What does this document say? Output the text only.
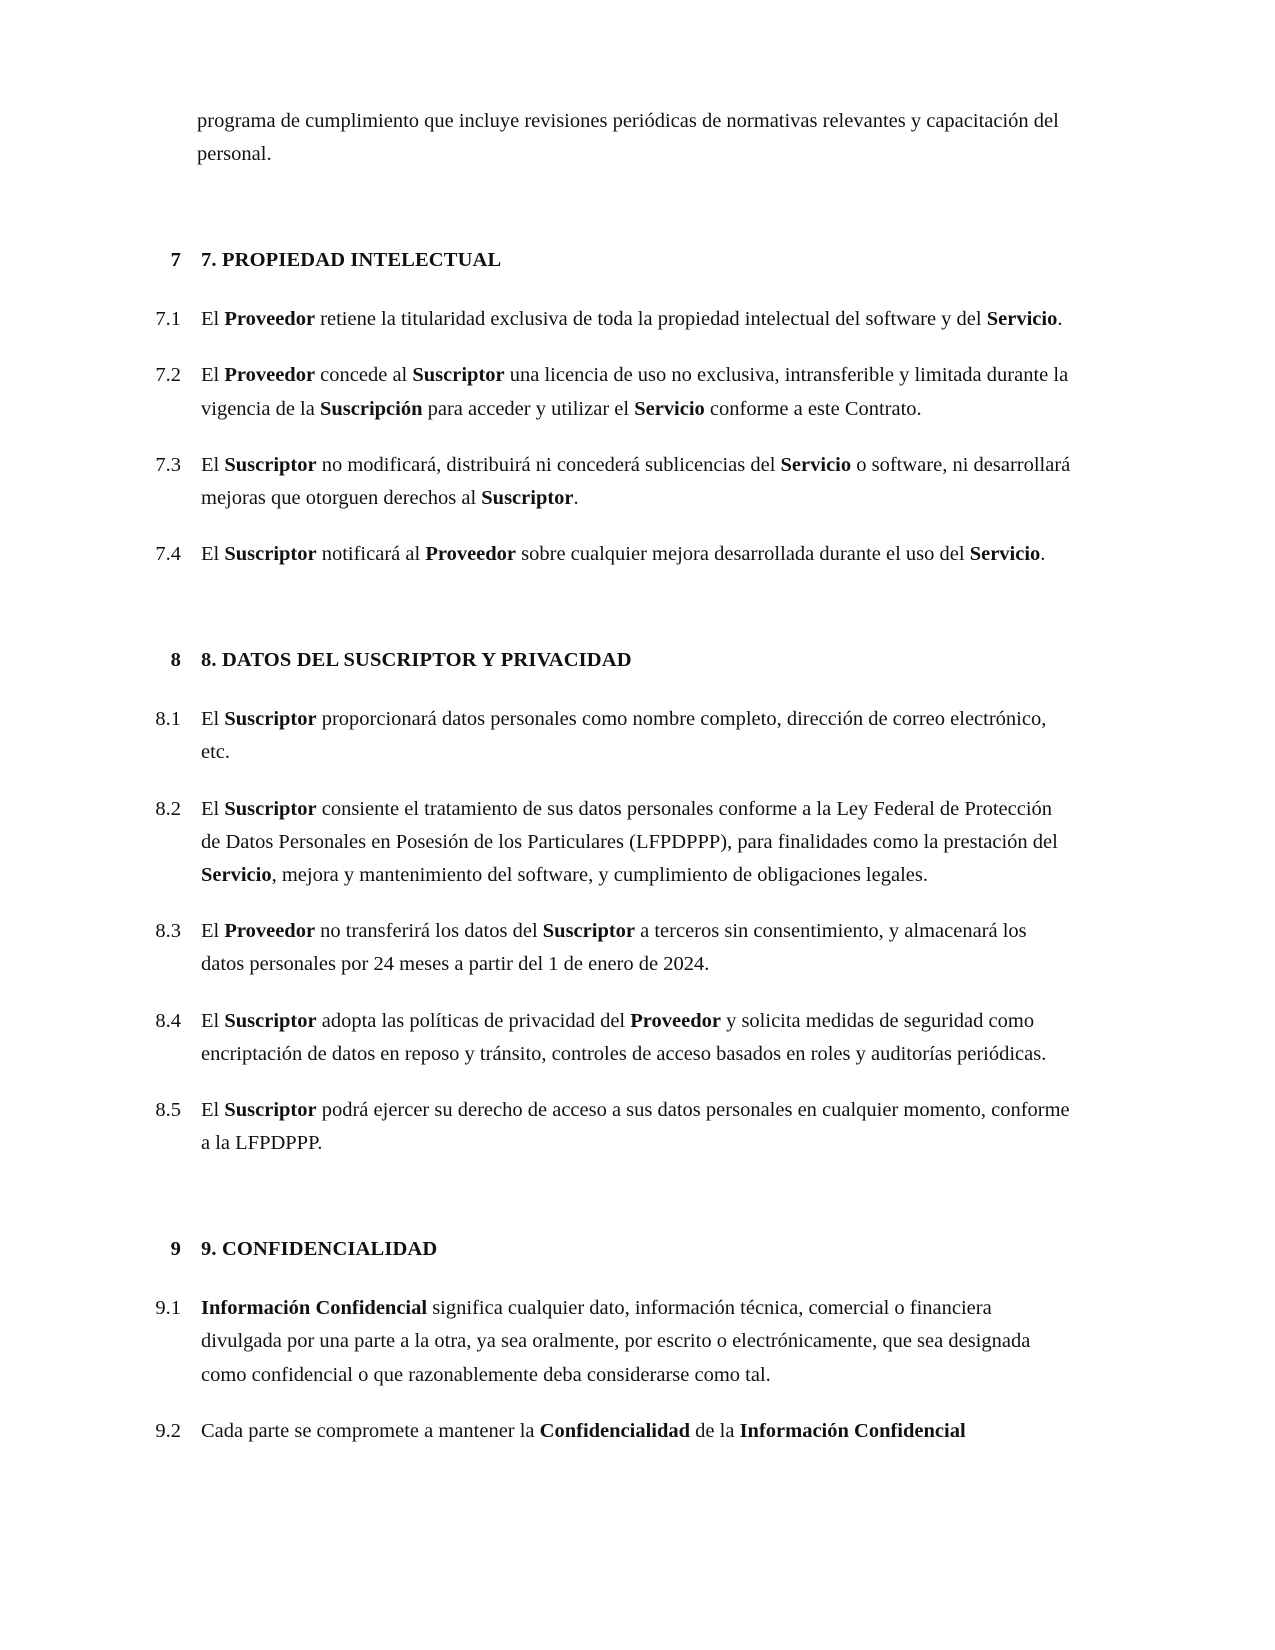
programa de cumplimiento que incluye revisiones periódicas de normativas relevantes y capacitación del personal.

7 7. PROPIEDAD INTELECTUAL
7.1 El Proveedor retiene la titularidad exclusiva de toda la propiedad intelectual del software y del Servicio.
7.2 El Proveedor concede al Suscriptor una licencia de uso no exclusiva, intransferible y limitada durante la vigencia de la Suscripción para acceder y utilizar el Servicio conforme a este Contrato.
7.3 El Suscriptor no modificará, distribuirá ni concederá sublicencias del Servicio o software, ni desarrollará mejoras que otorguen derechos al Suscriptor.
7.4 El Suscriptor notificará al Proveedor sobre cualquier mejora desarrollada durante el uso del Servicio.
8 8. DATOS DEL SUSCRIPTOR Y PRIVACIDAD
8.1 El Suscriptor proporcionará datos personales como nombre completo, dirección de correo electrónico, etc.
8.2 El Suscriptor consiente el tratamiento de sus datos personales conforme a la Ley Federal de Protección de Datos Personales en Posesión de los Particulares (LFPDPPP), para finalidades como la prestación del Servicio, mejora y mantenimiento del software, y cumplimiento de obligaciones legales.
8.3 El Proveedor no transferirá los datos del Suscriptor a terceros sin consentimiento, y almacenará los datos personales por 24 meses a partir del 1 de enero de 2024.
8.4 El Suscriptor adopta las políticas de privacidad del Proveedor y solicita medidas de seguridad como encriptación de datos en reposo y tránsito, controles de acceso basados en roles y auditorías periódicas.
8.5 El Suscriptor podrá ejercer su derecho de acceso a sus datos personales en cualquier momento, conforme a la LFPDPPP.
9 9. CONFIDENCIALIDAD
9.1 Información Confidencial significa cualquier dato, información técnica, comercial o financiera divulgada por una parte a la otra, ya sea oralmente, por escrito o electrónicamente, que sea designada como confidencial o que razonablemente deba considerarse como tal.
9.2 Cada parte se compromete a mantener la Confidencialidad de la Información Confidencial
